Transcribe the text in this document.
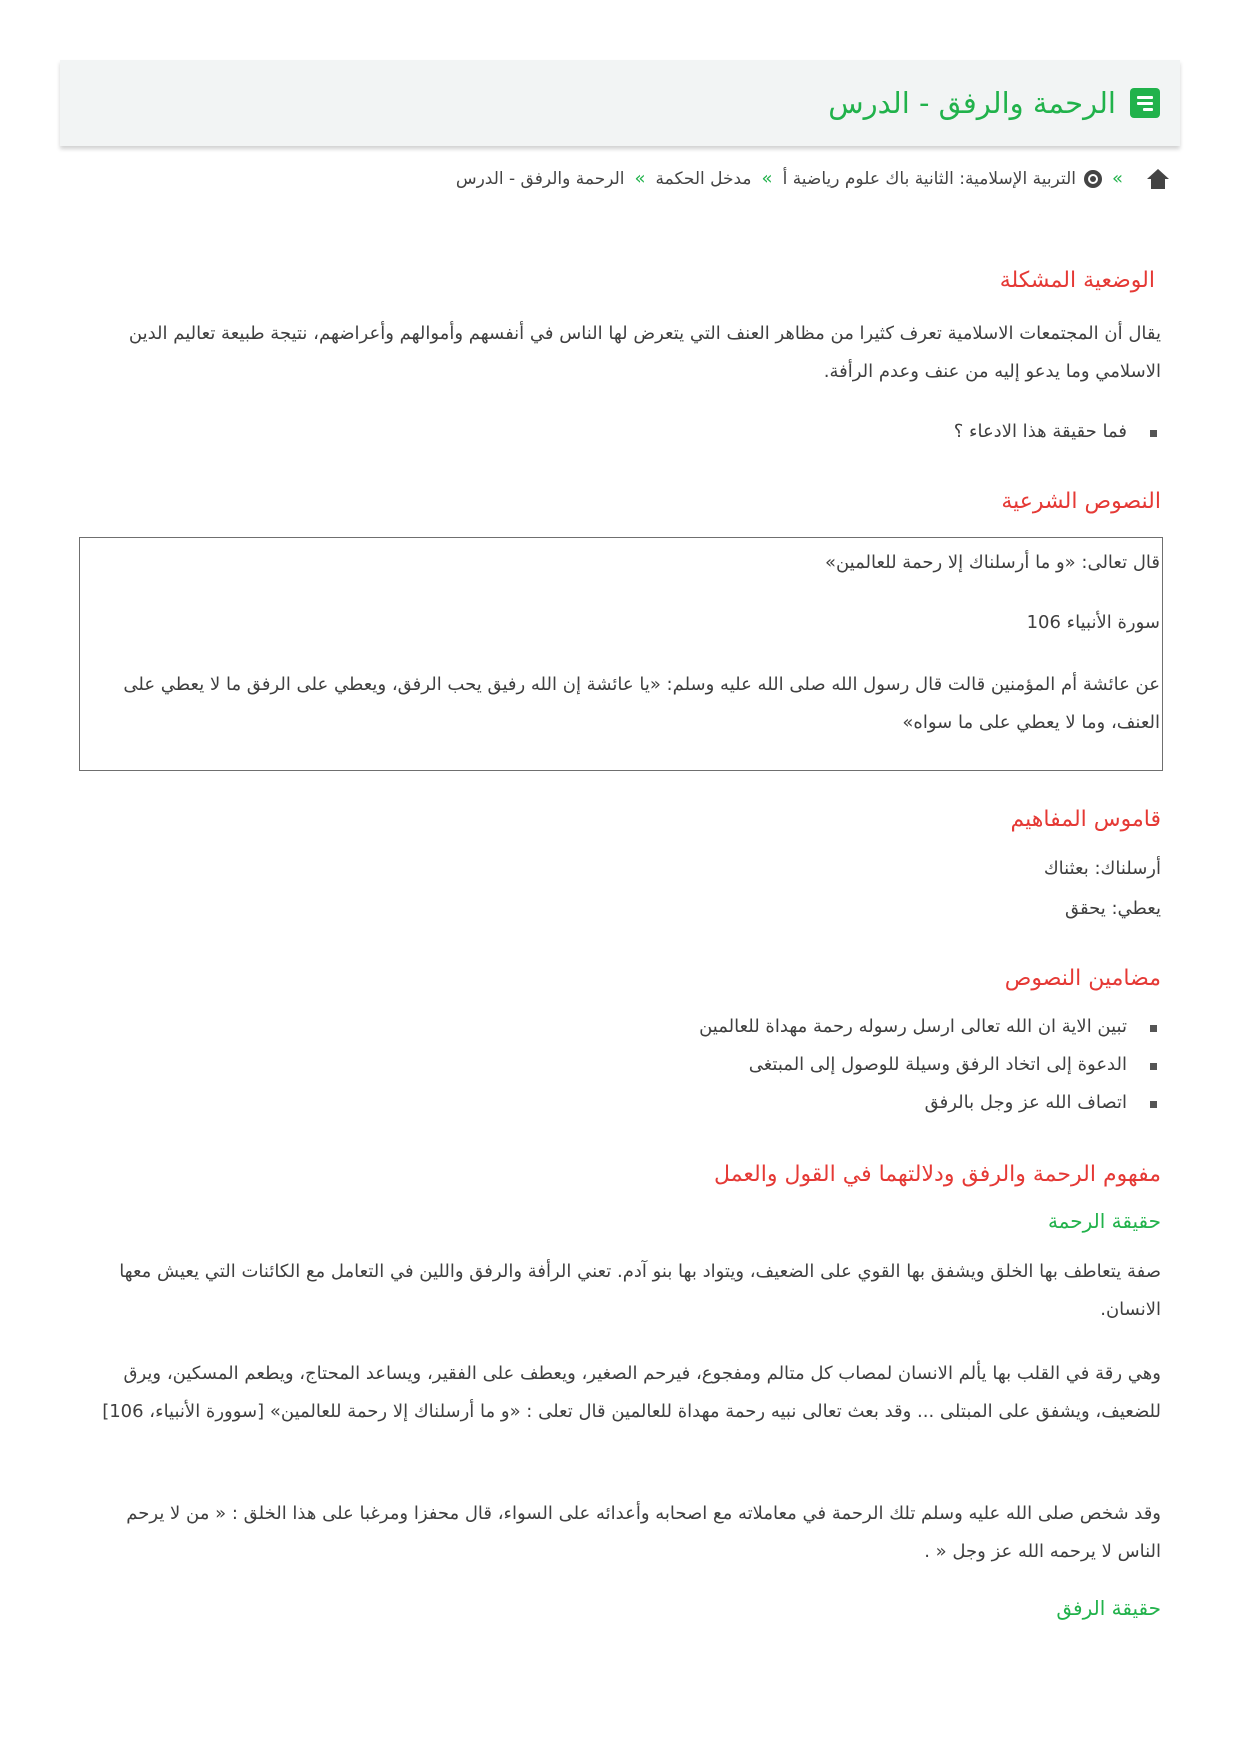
الرحمة والرفق - الدرس
»
التربية الإسلامية: الثانية باك علوم رياضية أ
»
مدخل الحكمة
»
الرحمة والرفق - الدرس
الوضعية المشكلة

يقال أن المجتمعات الاسلامية تعرف كثيرا من مظاهر العنف التي يتعرض لها الناس في أنفسهم وأموالهم وأعراضهم، نتيجة طبيعة تعاليم الدين الاسلامي وما يدعو إليه من عنف وعدم الرأفة.

فما حقيقة هذا الادعاء ؟
النصوص الشرعية

قال تعالى: «و ما أرسلناك إلا رحمة للعالمين»

سورة الأنبياء 106

عن عائشة أم المؤمنين قالت قال رسول الله صلى الله عليه وسلم: «يا عائشة إن الله رفيق يحب الرفق، ويعطي على الرفق ما لا يعطي على العنف، وما لا يعطي على ما سواه»

قاموس المفاهيم
أرسلناك: بعثناك
يعطي: يحقق
مضامين النصوص
تبين الاية ان الله تعالى ارسل رسوله رحمة مهداة للعالمين
الدعوة إلى اتخاد الرفق وسيلة للوصول إلى المبتغى
اتصاف الله عز وجل بالرفق
مفهوم الرحمة والرفق ودلالتهما في القول والعمل
حقيقة الرحمة

صفة يتعاطف بها الخلق ويشفق بها القوي على الضعيف، ويتواد بها بنو آدم. تعني الرأفة والرفق واللين في التعامل مع الكائنات التي يعيش معها الانسان.

وهي رقة في القلب بها يألم الانسان لمصاب كل متالم ومفجوع، فيرحم الصغير، ويعطف على الفقير، ويساعد المحتاج، ويطعم المسكين، ويرق للضعيف، ويشفق على المبتلى ... وقد بعث تعالى نبيه رحمة مهداة للعالمين قال تعلى : «و ما أرسلناك إلا رحمة للعالمين» [سوورة الأنبياء، 106]

وقد شخص صلى الله عليه وسلم تلك الرحمة في معاملاته مع اصحابه وأعدائه على السواء، قال محفزا ومرغبا على هذا الخلق : « من لا يرحم الناس لا يرحمه الله عز وجل « .

حقيقة الرفق
